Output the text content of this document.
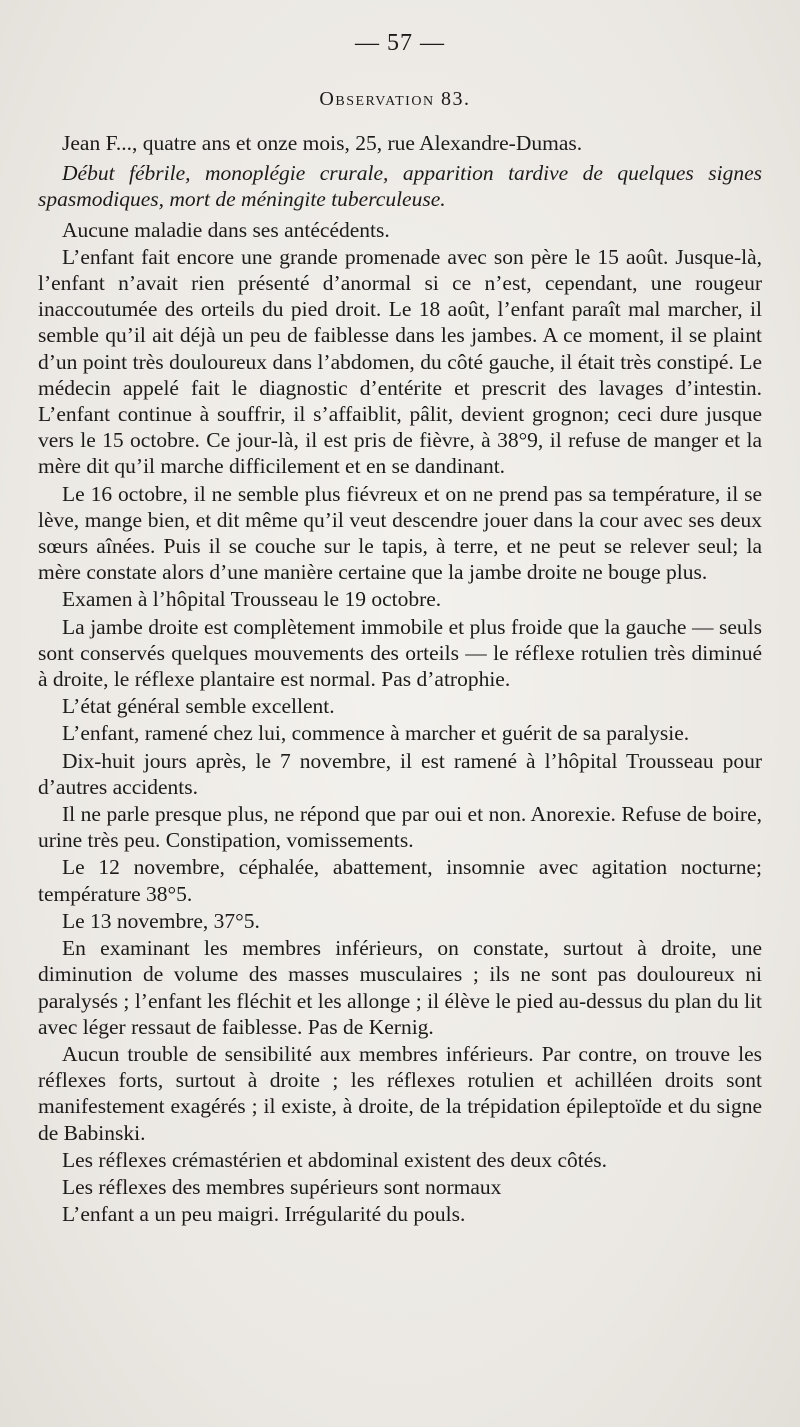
— 57 —
Observation 83.

Jean F..., quatre ans et onze mois, 25, rue Alexandre-Dumas.

Début fébrile, monoplégie crurale, apparition tardive de quelques signes spasmodiques, mort de méningite tuberculeuse.

Aucune maladie dans ses antécédents.

L’enfant fait encore une grande promenade avec son père le 15 août. Jusque-là, l’enfant n’avait rien présenté d’anormal si ce n’est, cependant, une rougeur inaccoutumée des orteils du pied droit. Le 18 août, l’enfant paraît mal marcher, il semble qu’il ait déjà un peu de faiblesse dans les jambes. A ce moment, il se plaint d’un point très douloureux dans l’abdomen, du côté gauche, il était très constipé. Le médecin appelé fait le diagnostic d’entérite et prescrit des lavages d’intestin. L’enfant continue à souffrir, il s’affaiblit, pâlit, devient grognon; ceci dure jusque vers le 15 octobre. Ce jour-là, il est pris de fièvre, à 38°9, il refuse de manger et la mère dit qu’il marche difficilement et en se dandinant.

Le 16 octobre, il ne semble plus fiévreux et on ne prend pas sa température, il se lève, mange bien, et dit même qu’il veut descendre jouer dans la cour avec ses deux sœurs aînées. Puis il se couche sur le tapis, à terre, et ne peut se relever seul; la mère constate alors d’une manière certaine que la jambe droite ne bouge plus.

Examen à l’hôpital Trousseau le 19 octobre.

La jambe droite est complètement immobile et plus froide que la gauche — seuls sont conservés quelques mouvements des orteils — le réflexe rotulien très diminué à droite, le réflexe plantaire est normal. Pas d’atrophie.

L’état général semble excellent.

L’enfant, ramené chez lui, commence à marcher et guérit de sa paralysie.

Dix-huit jours après, le 7 novembre, il est ramené à l’hôpital Trousseau pour d’autres accidents.

Il ne parle presque plus, ne répond que par oui et non. Anorexie. Refuse de boire, urine très peu. Constipation, vomissements.

Le 12 novembre, céphalée, abattement, insomnie avec agitation nocturne; température 38°5.

Le 13 novembre, 37°5.

En examinant les membres inférieurs, on constate, surtout à droite, une diminution de volume des masses musculaires ; ils ne sont pas douloureux ni paralysés ; l’enfant les fléchit et les allonge ; il élève le pied au-dessus du plan du lit avec léger ressaut de faiblesse. Pas de Kernig.

Aucun trouble de sensibilité aux membres inférieurs. Par contre, on trouve les réflexes forts, surtout à droite ; les réflexes rotulien et achilléen droits sont manifestement exagérés ; il existe, à droite, de la trépidation épileptoïde et du signe de Babinski.

Les réflexes crémastérien et abdominal existent des deux côtés.

Les réflexes des membres supérieurs sont normaux

L’enfant a un peu maigri. Irrégularité du pouls.
